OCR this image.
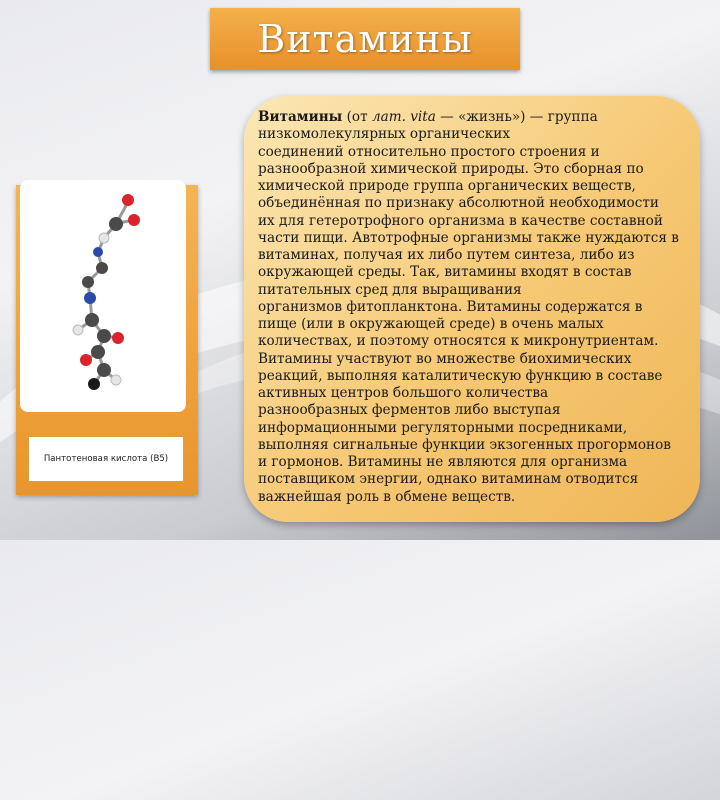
Витамины
Пантотеновая кислота (B5)

Витамины (от лат. vita — «жизнь») — группа
низкомолекулярных органических
соединений относительно простого строения и
разнообразной химической природы. Это сборная по
химической природе группа органических веществ,
объединённая по признаку абсолютной необходимости
их для гетеротрофного организма в качестве составной
части пищи. Автотрофные организмы также нуждаются в
витаминах, получая их либо путем синтеза, либо из
окружающей среды. Так, витамины входят в состав
питательных сред для выращивания
организмов фитопланктона. Витамины содержатся в
пище (или в окружающей среде) в очень малых
количествах, и поэтому относятся к микронутриентам.
Витамины участвуют во множестве биохимических
реакций, выполняя каталитическую функцию в составе
активных центров большого количества
разнообразных ферментов либо выступая
информационными регуляторными посредниками,
выполняя сигнальные функции экзогенных прогормонов
и гормонов. Витамины не являются для организма
поставщиком энергии, однако витаминам отводится
важнейшая роль в обмене веществ.
